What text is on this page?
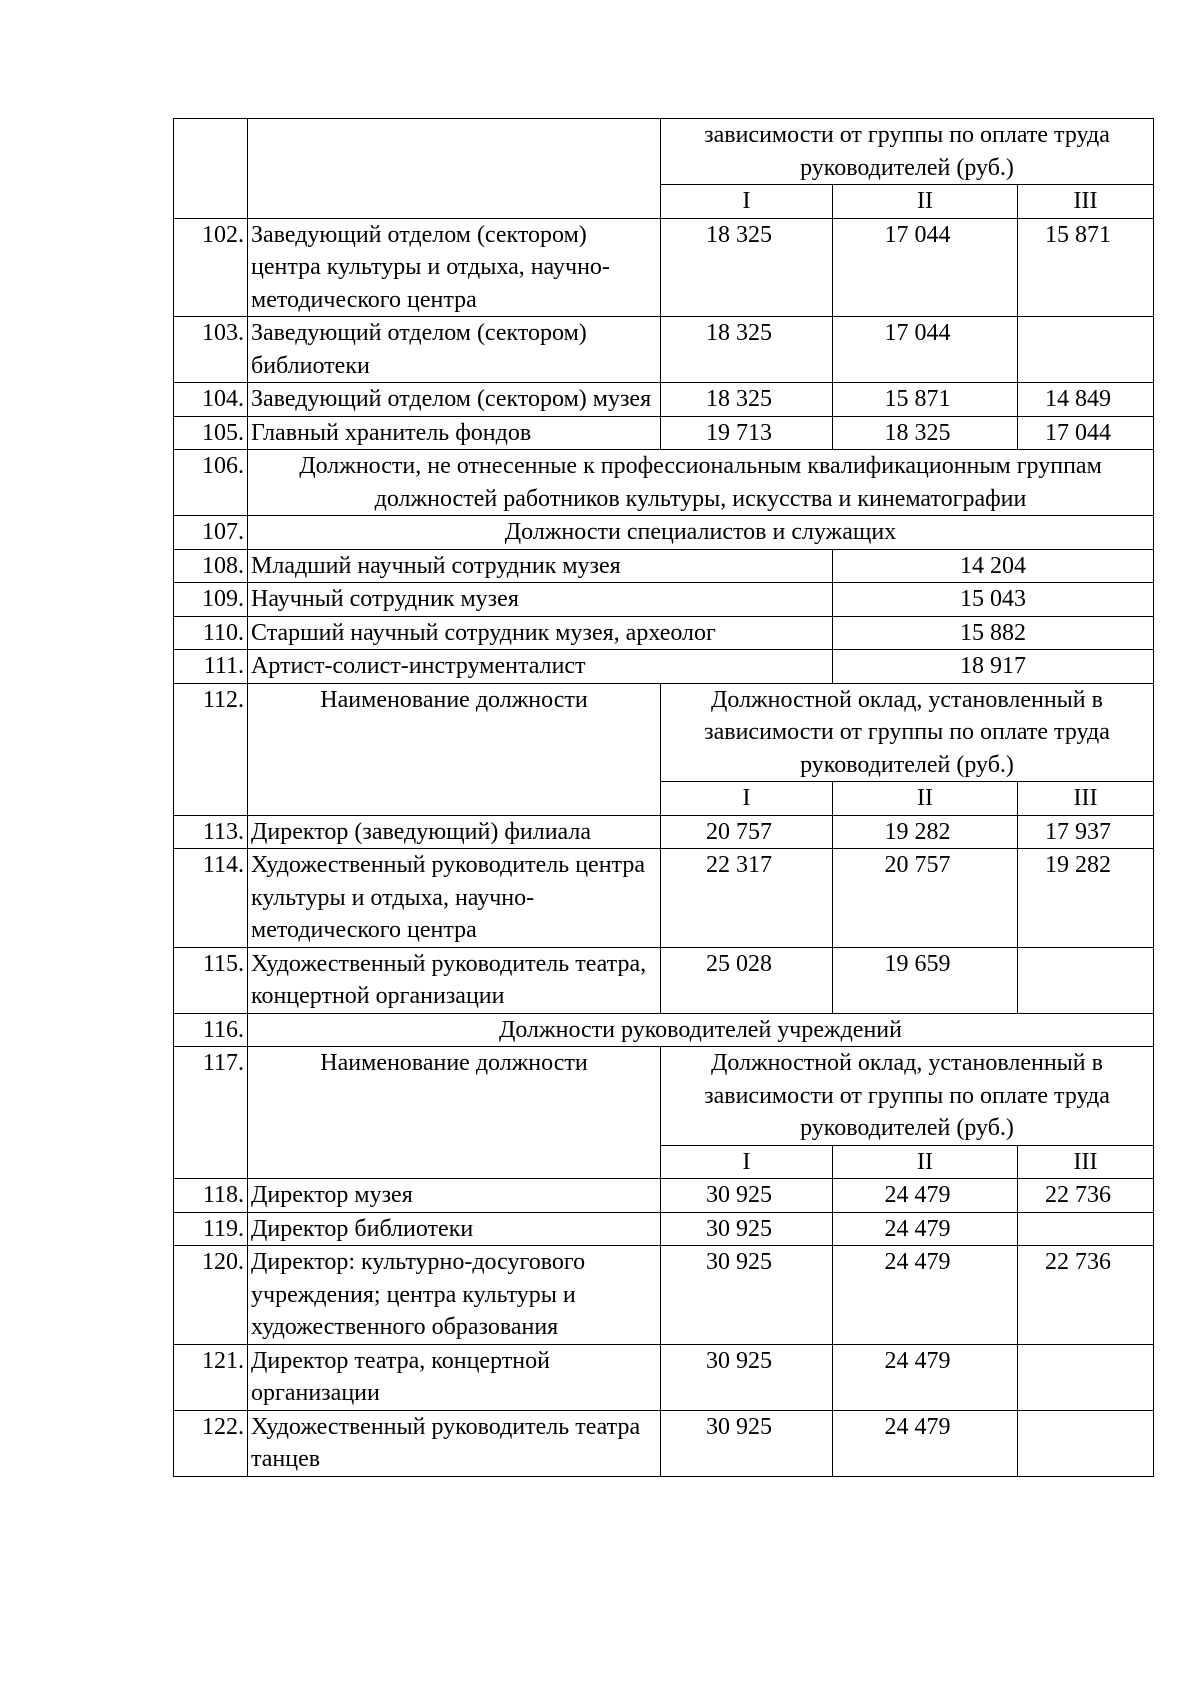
		зависимости от группы по оплате труда руководителей (руб.)		
		I	II	III
102.	Заведующий отделом (сектором) центра культуры и отдыха, научно-методического центра	18 325	17 044	15 871
103.	Заведующий отделом (сектором) библиотеки	18 325	17 044	
104.	Заведующий отделом (сектором) музея	18 325	15 871	14 849
105.	Главный хранитель фондов	19 713	18 325	17 044
106.	Должности, не отнесенные к профессиональным квалификационным группам должностей работников культуры, искусства и кинематографии			
107.	Должности специалистов и служащих			
108.	Младший научный сотрудник музея		14 204	
109.	Научный сотрудник музея		15 043	
110.	Старший научный сотрудник музея, археолог		15 882	
111.	Артист-солист-инструменталист		18 917	
112.	Наименование должности	Должностной оклад, установленный в зависимости от группы по оплате труда руководителей (руб.)		
		I	II	III
113.	Директор (заведующий) филиала	20 757	19 282	17 937
114.	Художественный руководитель центра культуры и отдыха, научно-методического центра	22 317	20 757	19 282
115.	Художественный руководитель театра, концертной организации	25 028	19 659	
116.	Должности руководителей учреждений			
117.	Наименование должности	Должностной оклад, установленный в зависимости от группы по оплате труда руководителей (руб.)		
		I	II	III
118.	Директор музея	30 925	24 479	22 736
119.	Директор библиотеки	30 925	24 479	
120.	Директор: культурно-досугового учреждения; центра культуры и художественного образования	30 925	24 479	22 736
121.	Директор театра, концертной организации	30 925	24 479	
122.	Художественный руководитель театра танцев	30 925	24 479	
